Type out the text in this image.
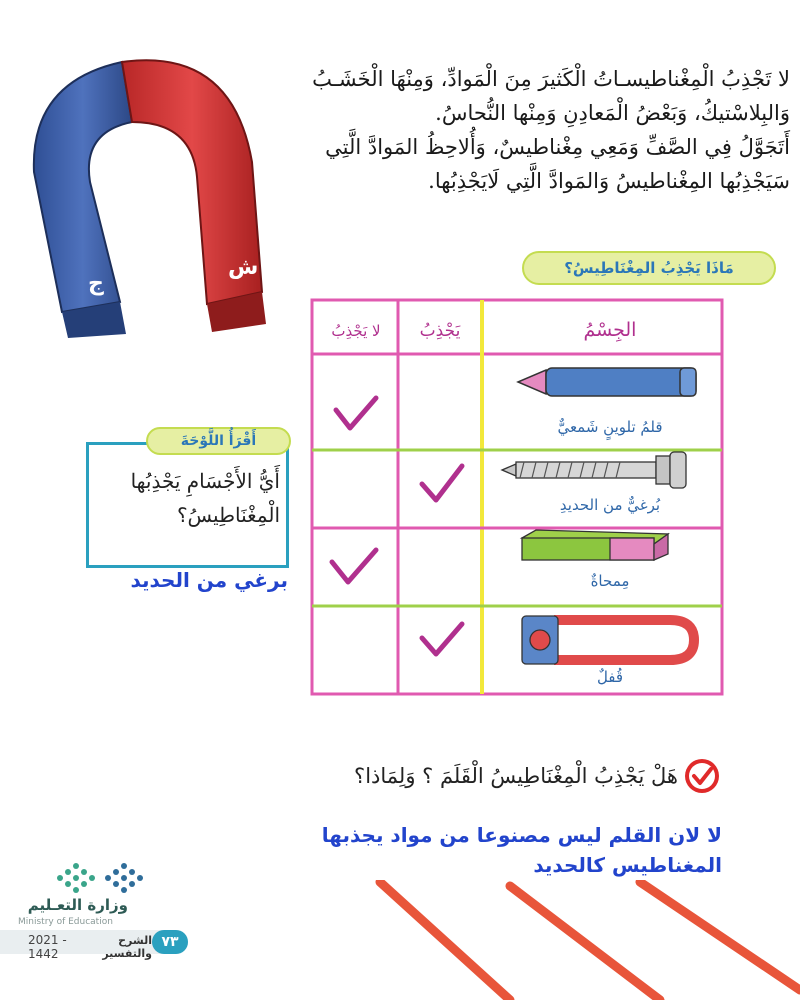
ج
ش

لا تَجْذِبُ الْمِغْناطيسـاتُ الْكَثيرَ مِنَ الْمَوادِّ، وَمِنْهَا الْخَشَـبُ

وَالبِلاسْتيكُ، وَبَعْضُ الْمَعادِنِ وَمِنْها النُّحاسُ.

أَتَجَوَّلُ فِي الصَّفِّ وَمَعِي مِغْناطيسٌ، وَأُلاحِظُ المَوادَّ الَّتِي

سَيَجْذِبُها المِغْناطيسُ وَالمَوادَّ الَّتِي لَايَجْذِبُها.

مَاذَا يَجْذِبُ المِغْنَاطِيسُ؟
الجِسْمُ
يَجْذِبُ
لا يَجْذِبُ
قلمُ تلوينٍ شَمعيٌّ
بُرغيٌّ من الحديدِ
مِمحاةٌ
قُفلٌ
أَقْرَأُ اللَّوْحَةَ
أَيُّ الأَجْسَامِ يَجْذِبُها الْمِغْنَاطِيسُ؟
برغي من الحديد
هَلْ يَجْذِبُ الْمِغْنَاطِيسُ الْقَلَمَ ؟ وَلِمَاذا؟
لا لان القلم ليس مصنوعا من مواد يجذبها المغناطيس كالحديد
وزارة التعـليم
Ministry of Education
2021 - 1442
الشرح والتفسير
٧٣
